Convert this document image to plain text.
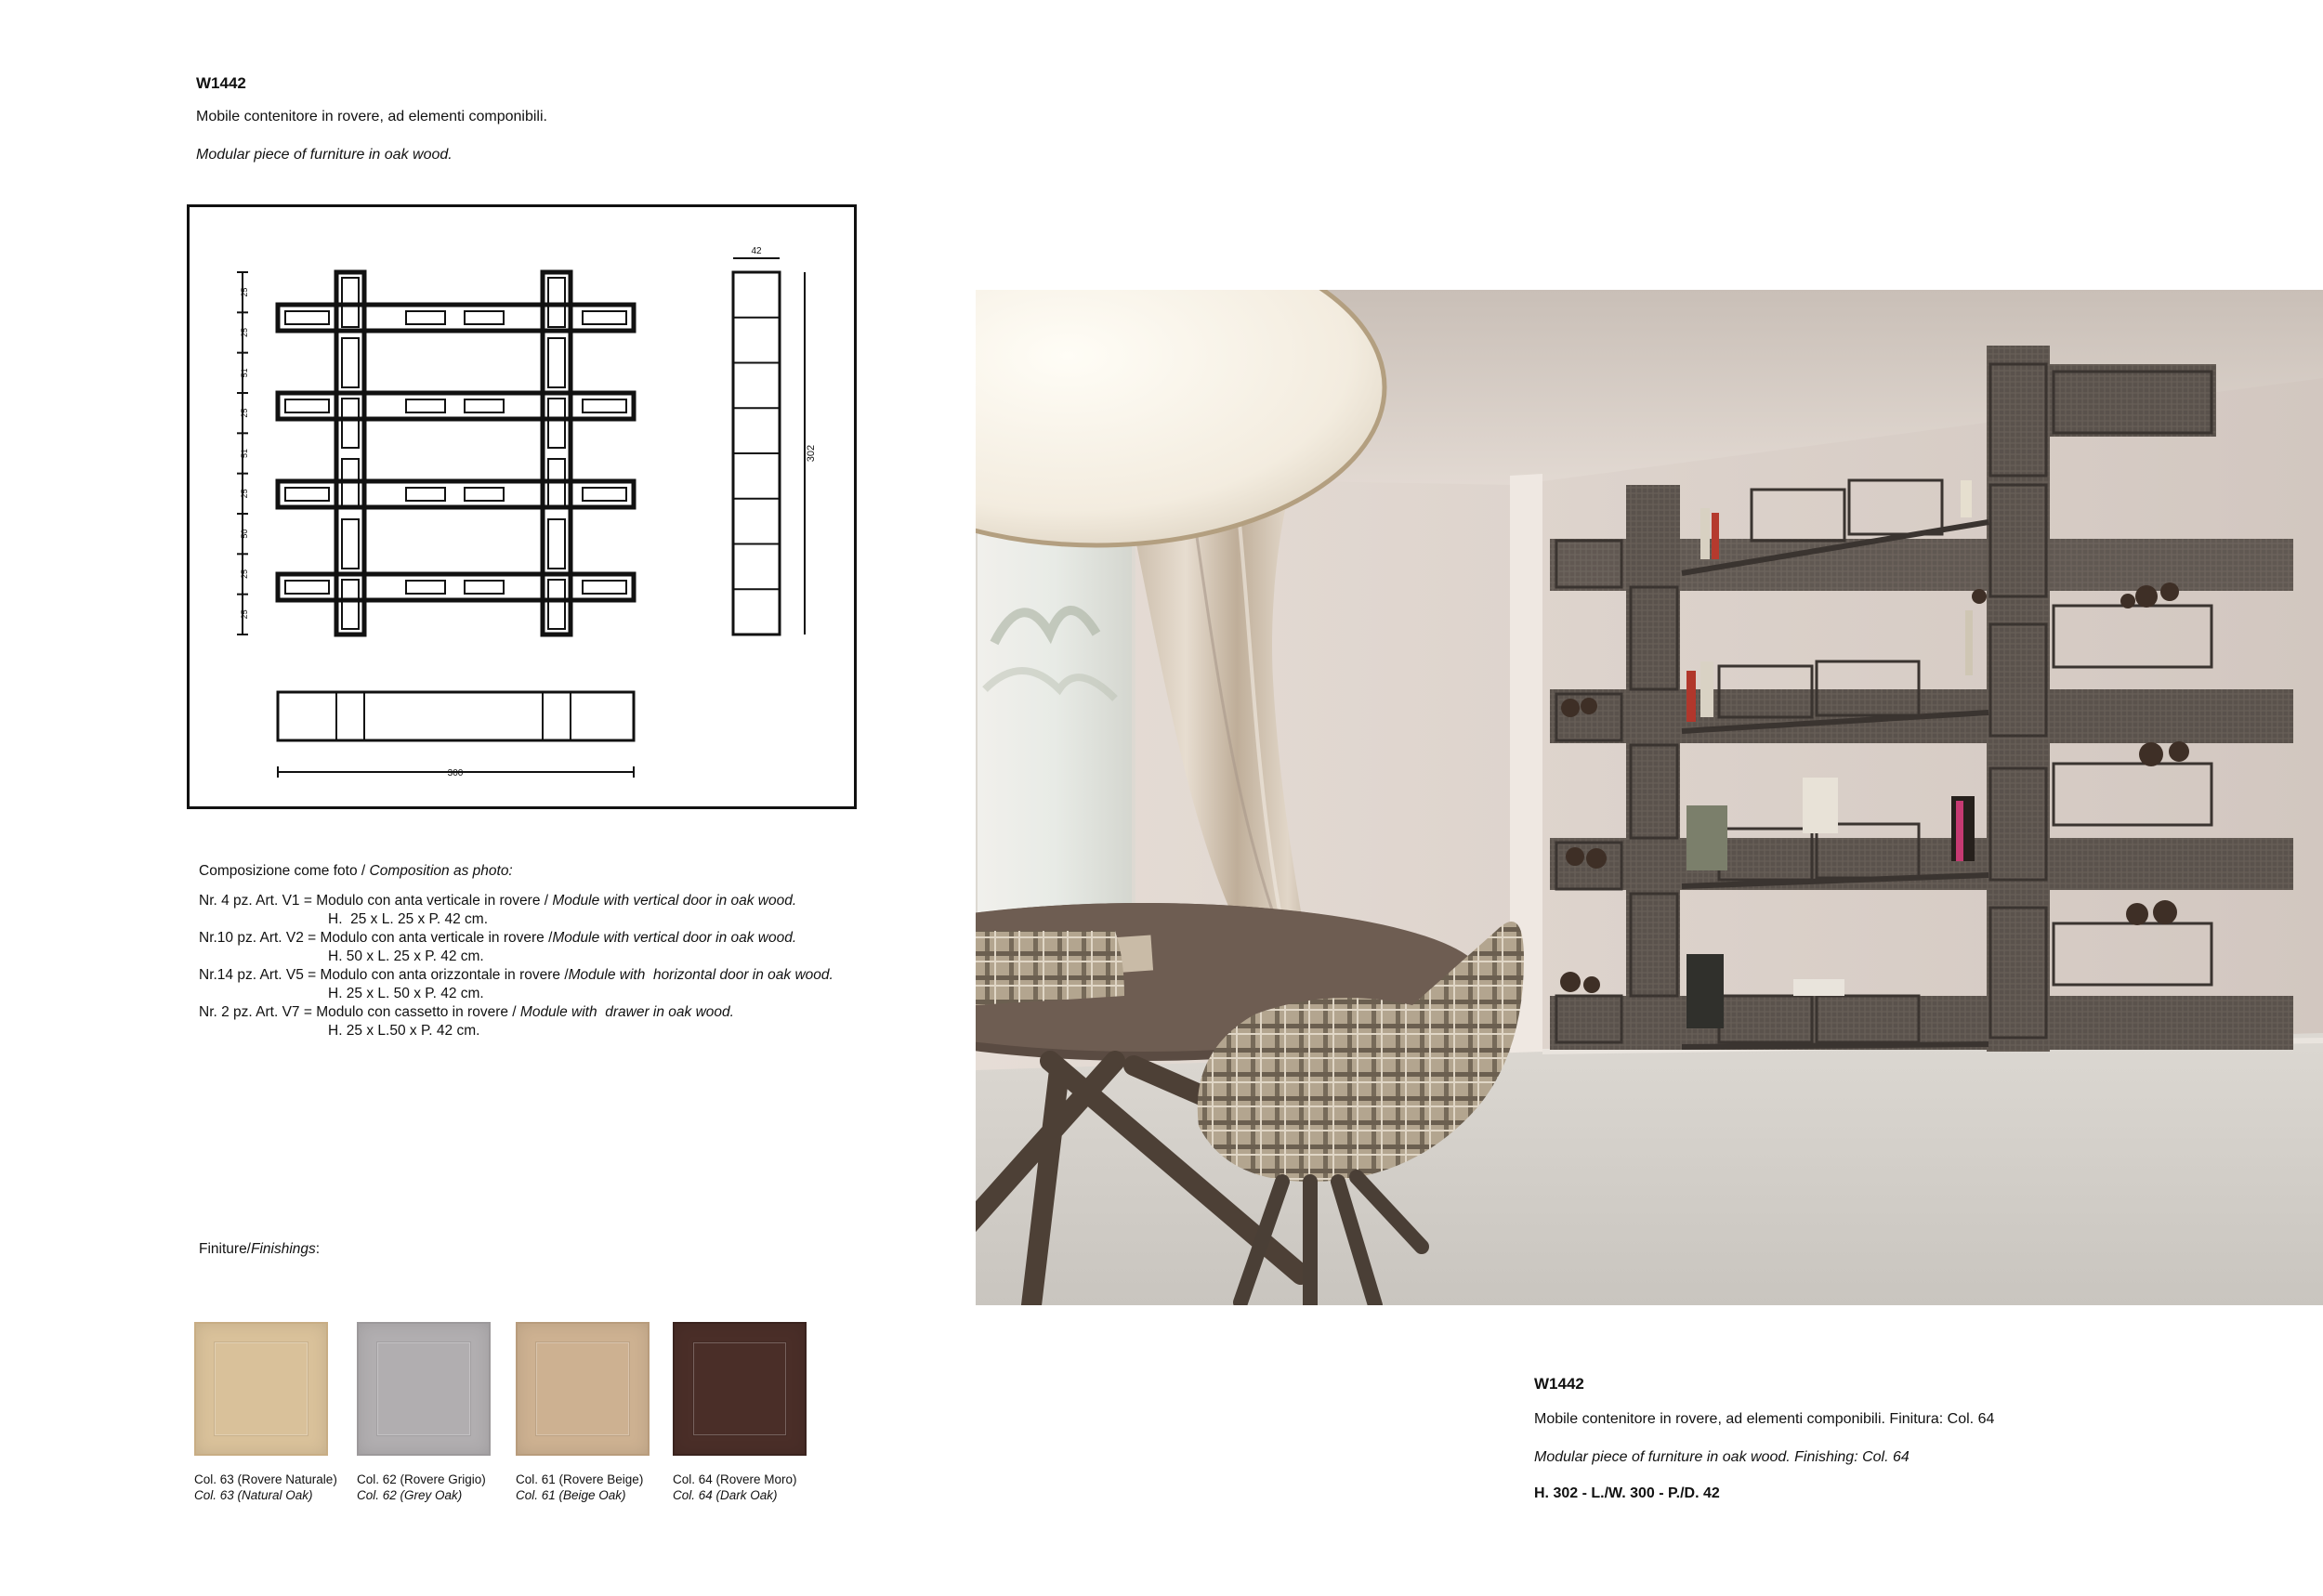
W1442
Mobile contenitore in rovere, ad elementi componibili.
Modular piece of furniture in oak wood.
25
25
51
25
51
25
50
25
25
42
302
300
Composizione come foto / Composition as photo:
Nr. 4 pz. Art. V1 = Modulo con anta verticale in rovere / Module with vertical door in oak wood.
H.  25 x L. 25 x P. 42 cm.
Nr.10 pz. Art. V2 = Modulo con anta verticale in rovere /Module with vertical door in oak wood.
H. 50 x L. 25 x P. 42 cm.
Nr.14 pz. Art. V5 = Modulo con anta orizzontale in rovere /Module with  horizontal door in oak wood.
H. 25 x L. 50 x P. 42 cm.
Nr. 2 pz. Art. V7 = Modulo con cassetto in rovere / Module with  drawer in oak wood.
H. 25 x L.50 x P. 42 cm.
Finiture/Finishings:
Col. 63 (Rovere Naturale)
Col. 63 (Natural Oak)
Col. 62 (Rovere Grigio)
Col. 62 (Grey Oak)
Col. 61 (Rovere Beige)
Col. 61 (Beige Oak)
Col. 64 (Rovere Moro)
Col. 64 (Dark Oak)
W1442
Mobile contenitore in rovere, ad elementi componibili. Finitura: Col. 64
Modular piece of furniture in oak wood. Finishing: Col. 64
H. 302 - L./W. 300 - P./D. 42
